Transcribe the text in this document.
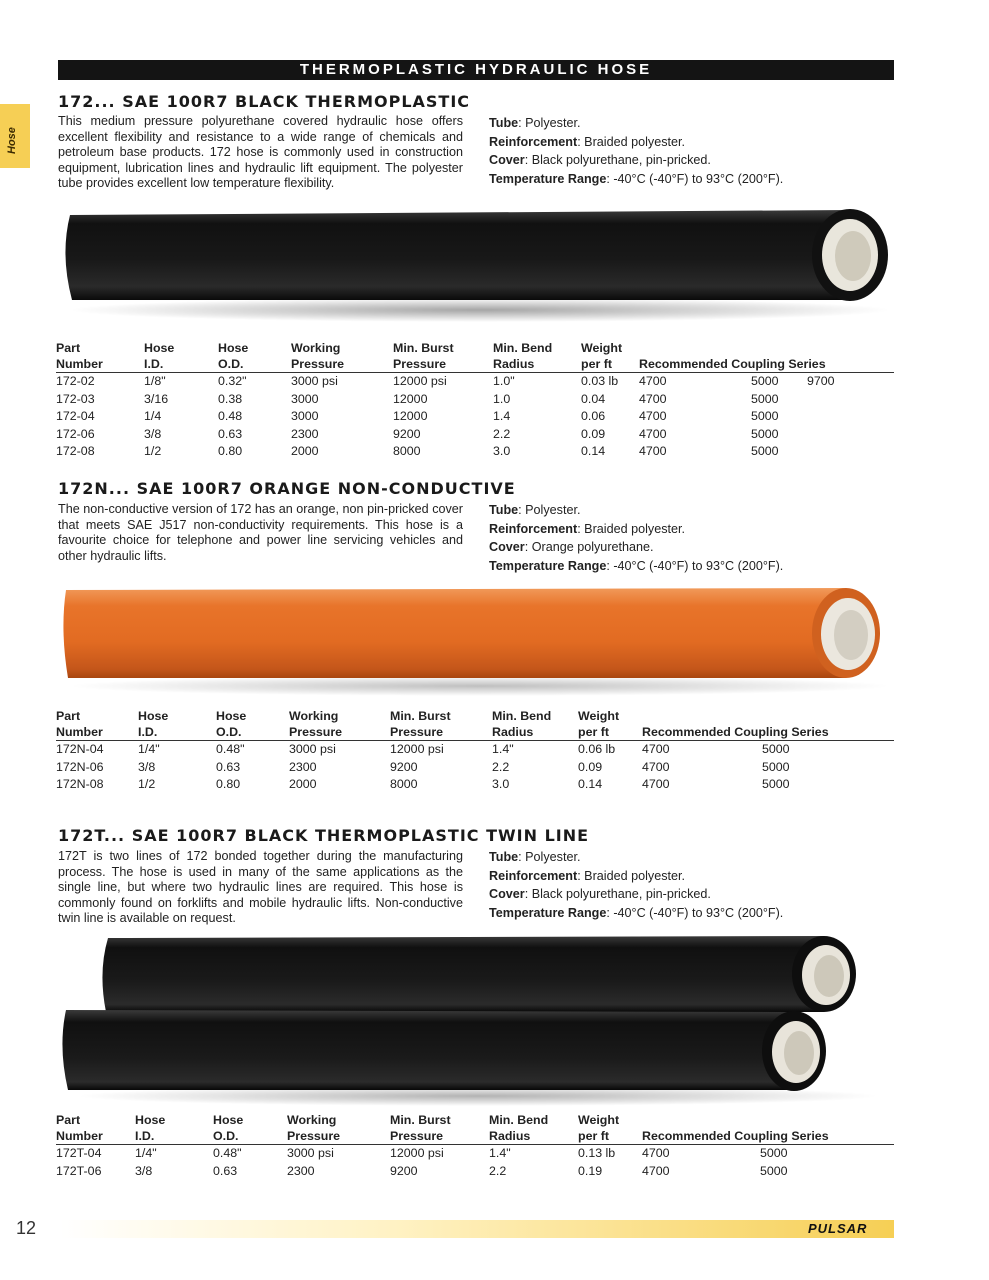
THERMOPLASTIC HYDRAULIC HOSE
Hose
172... SAE 100R7 BLACK THERMOPLASTIC
This medium pressure polyurethane covered hydraulic hose offers excellent flexibility and resistance to a wide range of chemicals and petroleum base products. 172 hose is commonly used in construction equipment, lubrication lines and hydraulic lift equipment. The polyester tube provides excellent low temperature flexibility.
Tube: Polyester.
Reinforcement: Braided polyester.
Cover: Black polyurethane, pin-pricked.
Temperature Range: -40°C (-40°F) to 93°C (200°F).
Part	Hose	Hose	Working	Min. Burst	Min. Bend	Weight			
Number	I.D.	O.D.	Pressure	Pressure	Radius	per ft	Recommended Coupling Series		
172-02	1/8"	0.32"	3000 psi	12000 psi	1.0"	0.03 lb	4700	5000	9700
172-03	3/16	0.38	3000	12000	1.0	0.04	4700	5000	
172-04	1/4	0.48	3000	12000	1.4	0.06	4700	5000	
172-06	3/8	0.63	2300	9200	2.2	0.09	4700	5000	
172-08	1/2	0.80	2000	8000	3.0	0.14	4700	5000	
172N... SAE 100R7 ORANGE NON-CONDUCTIVE
The non-conductive version of 172 has an orange, non pin-pricked cover that meets SAE J517 non-conductivity requirements. This hose is a favourite choice for telephone and power line servicing vehicles and other hydraulic lifts.
Tube: Polyester.
Reinforcement: Braided polyester.
Cover: Orange polyurethane.
Temperature Range: -40°C (-40°F) to 93°C (200°F).
Part	Hose	Hose	Working	Min. Burst	Min. Bend	Weight		
Number	I.D.	O.D.	Pressure	Pressure	Radius	per ft	Recommended Coupling Series	
172N-04	1/4"	0.48"	3000 psi	12000 psi	1.4"	0.06 lb	4700	5000
172N-06	3/8	0.63	2300	9200	2.2	0.09	4700	5000
172N-08	1/2	0.80	2000	8000	3.0	0.14	4700	5000
172T... SAE 100R7 BLACK THERMOPLASTIC TWIN LINE
172T is two lines of 172 bonded together during the manufacturing process. The hose is used in many of the same applications as the single line, but where two hydraulic lines are required. This hose is commonly found on forklifts and mobile hydraulic lifts. Non-conductive twin line is available on request.
Tube: Polyester.
Reinforcement: Braided polyester.
Cover: Black polyurethane, pin-pricked.
Temperature Range: -40°C (-40°F) to 93°C (200°F).
Part	Hose	Hose	Working	Min. Burst	Min. Bend	Weight		
Number	I.D.	O.D.	Pressure	Pressure	Radius	per ft	Recommended Coupling Series	
172T-04	1/4"	0.48"	3000 psi	12000 psi	1.4"	0.13 lb	4700	5000
172T-06	3/8	0.63	2300	9200	2.2	0.19	4700	5000
12	PULSAR
